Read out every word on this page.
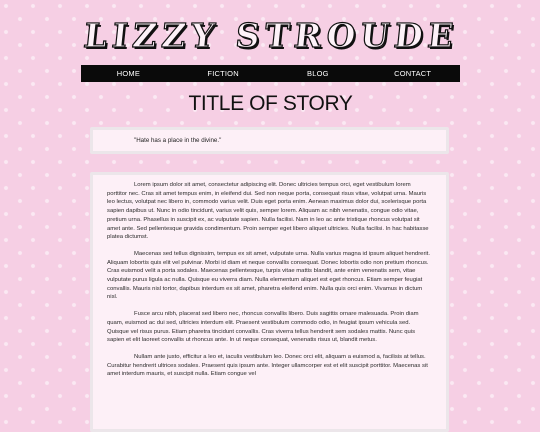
LIZZY STROUDE
HOME	FICTION	BLOG	CONTACT
TITLE OF STORY

"Hate has a place in the divine."

Lorem ipsum dolor sit amet, consectetur adipiscing elit. Donec ultricies tempus orci, eget vestibulum lorem porttitor nec. Cras sit amet tempus enim, in eleifend dui. Sed non neque porta, consequat risus vitae, volutpat urna. Mauris leo lectus, volutpat nec libero in, commodo varius velit. Duis eget porta enim. Aenean maximus dolor dui, scelerisque porta sapien dapibus ut. Nunc in odio tincidunt, varius velit quis, semper lorem. Aliquam ac nibh venenatis, congue odio vitae, pretium urna. Phasellus in suscipit ex, ac vulputate sapien. Nulla facilisi. Nam in leo ac ante tristique rhoncus volutpat sit amet ante. Sed pellentesque gravida condimentum. Proin semper eget libero aliquet ultricies. Nulla facilisi. In hac habitasse platea dictumst.

Maecenas sed tellus dignissim, tempus ex sit amet, vulputate urna. Nulla varius magna id ipsum aliquet hendrerit. Aliquam lobortis quis elit vel pulvinar. Morbi id diam et neque convallis consequat. Donec lobortis odio non pretium rhoncus. Cras euismod velit a porta sodales. Maecenas pellentesque, turpis vitae mattis blandit, ante enim venenatis sem, vitae vulputate purus ligula ac nulla. Quisque eu viverra diam. Nulla elementum aliquet est eget rhoncus. Etiam semper feugiat convallis. Mauris nisl tortor, dapibus interdum ex sit amet, pharetra eleifend enim. Nulla quis orci enim. Vivamus in dictum nisl.

Fusce arcu nibh, placerat sed libero nec, rhoncus convallis libero. Duis sagittis ornare malesuada. Proin diam quam, euismod ac dui sed, ultricies interdum elit. Praesent vestibulum commodo odio, in feugiat ipsum vehicula sed. Quisque vel risus purus. Etiam pharetra tincidunt convallis. Cras viverra tellus hendrerit sem sodales mattis. Nunc quis sapien et elit laoreet convallis ut rhoncus ante. In ut neque consequat, venenatis risus ut, blandit metus.

Nullam ante justo, efficitur a leo et, iaculis vestibulum leo. Donec orci elit, aliquam a euismod a, facilisis at tellus. Curabitur hendrerit ultrices sodales. Praesent quis ipsum ante. Integer ullamcorper est et elit suscipit porttitor. Maecenas sit amet interdum mauris, et suscipit nulla. Etiam congue vel
